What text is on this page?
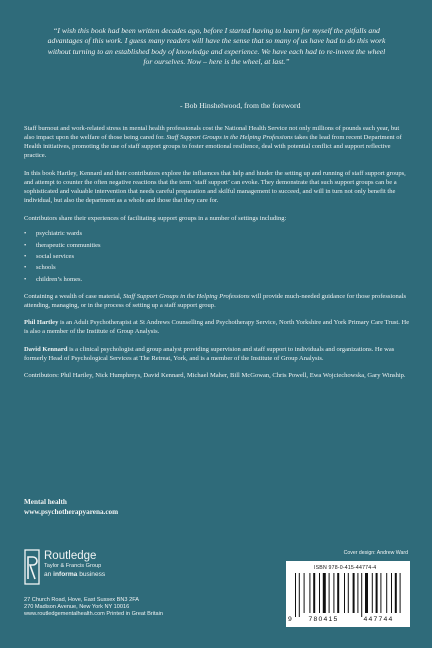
“I wish this book had been written decades ago, before I started having to learn for myself the pitfalls and advantages of this work. I guess many readers will have the sense that so many of us have had to do this work without turning to an established body of knowledge and experience. We have each had to re-invent the wheel for ourselves. Now – here is the wheel, at last.”
- Bob Hinshelwood, from the foreword

Staff burnout and work-related stress in mental health professionals cost the National Health Service not only millions of pounds each year, but also impact upon the welfare of those being cared for. Staff Support Groups in the Helping Professions takes the lead from recent Department of Health initiatives, promoting the use of staff support groups to foster emotional resilience, deal with potential conflict and support reflective practice.

In this book Hartley, Kennard and their contributors explore the influences that help and hinder the setting up and running of staff support groups, and attempt to counter the often negative reactions that the term ‘staff support’ can evoke. They demonstrate that such support groups can be a sophisticated and valuable intervention that needs careful preparation and skilful management to succeed, and will in turn not only benefit the individual, but also the department as a whole and those that they care for.

Contributors share their experiences of facilitating support groups in a number of settings including:

• psychiatric wards
• therapeutic communities
• social services
• schools
• children’s homes.

Containing a wealth of case material, Staff Support Groups in the Helping Professions will provide much-needed guidance for those professionals attending, managing, or in the process of setting up a staff support group.

Phil Hartley is an Adult Psychotherapist at St Andrews Counselling and Psychotherapy Service, North Yorkshire and York Primary Care Trust. He is also a member of the Institute of Group Analysis.

David Kennard is a clinical psychologist and group analyst providing supervision and staff support to individuals and organizations. He was formerly Head of Psychological Services at The Retreat, York, and is a member of the Institute of Group Analysis.

Contributors: Phil Hartley, Nick Humphreys, David Kennard, Michael Maher, Bill McGowan, Chris Powell, Ewa Wojciechowska, Gary Winship.

Mental health
www.psychotherapyarena.com
Routledge
Taylor & Francis Group
an informa business
27 Church Road, Hove, East Sussex BN3 2FA
270 Madison Avenue, New York NY 10016
www.routledgementalhealth.com Printed in Great Britain
Cover design: Andrew Ward
ISBN 978-0-415-44774-4
9	780415	447744
